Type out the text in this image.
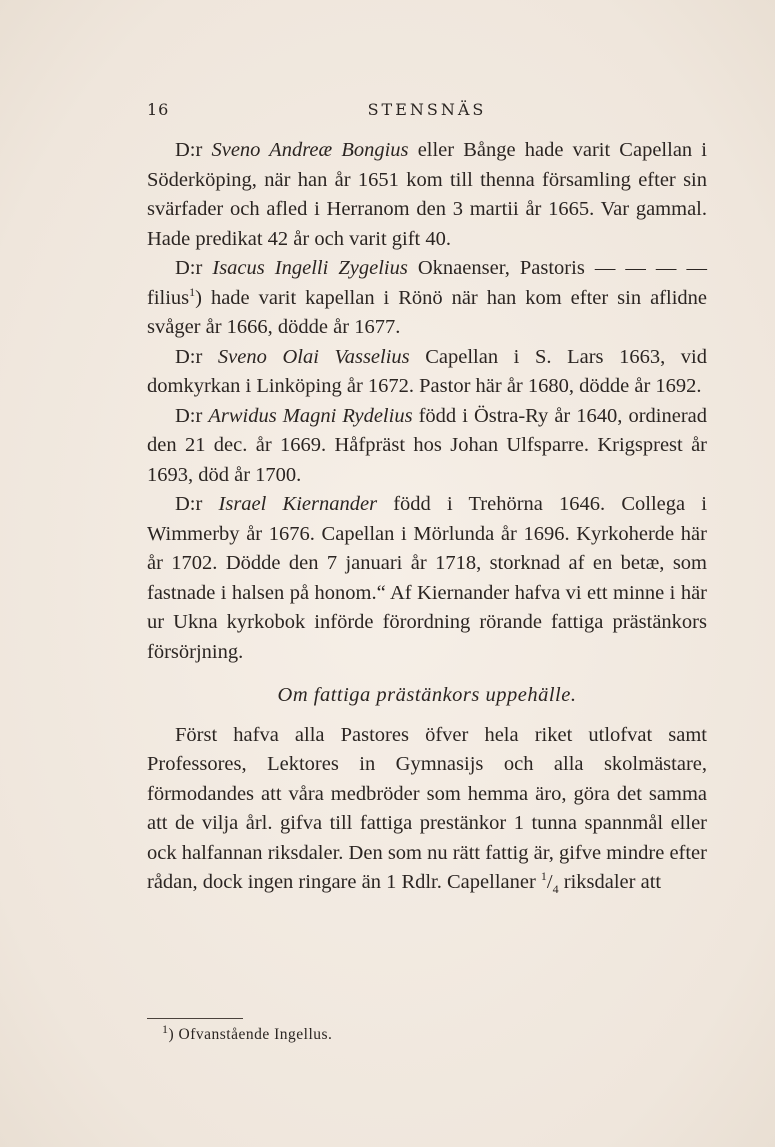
16	STENSNÄS

D:r Sveno Andreæ Bongius eller Bånge hade varit Capellan i Söderköping, när han år 1651 kom till thenna församling efter sin svärfader och afled i Herranom den 3 martii år 1665. Var gammal. Hade predikat 42 år och varit gift 40.

D:r Isacus Ingelli Zygelius Oknaenser, Pastoris — — — — filius$^1$) hade varit kapellan i Rönö när han kom efter sin aflidne svåger år 1666, dödde år 1677.

D:r Sveno Olai Vasselius Capellan i S. Lars 1663, vid domkyrkan i Linköping år 1672. Pastor här år 1680, dödde år 1692.

D:r Arwidus Magni Rydelius född i Östra-Ry år 1640, ordinerad den 21 dec. år 1669. Håfpräst hos Johan Ulfsparre. Krigsprest år 1693, död år 1700.

D:r Israel Kiernander född i Trehörna 1646. Collega i Wimmerby år 1676. Capellan i Mörlunda år 1696. Kyrkoherde här år 1702. Dödde den 7 januari år 1718, storknad af en betæ, som fastnade i halsen på honom.“ Af Kiernander hafva vi ett minne i här ur Ukna kyrkobok införde förordning rörande fattiga prästänkors försörjning.

Om fattiga prästänkors uppehälle.

Först hafva alla Pastores öfver hela riket utlofvat samt Professores, Lektores in Gymnasijs och alla skolmästare, förmodandes att våra medbröder som hemma äro, göra det samma att de vilja årl. gifva till fattiga prestänkor 1 tunna spannmål eller ock halfannan riksdaler. Den som nu rätt fattig är, gifve mindre efter rådan, dock ingen ringare än 1 Rdlr. Capellaner $^1/_4$ riksdaler att

$^1$) Ofvanstående Ingellus.
